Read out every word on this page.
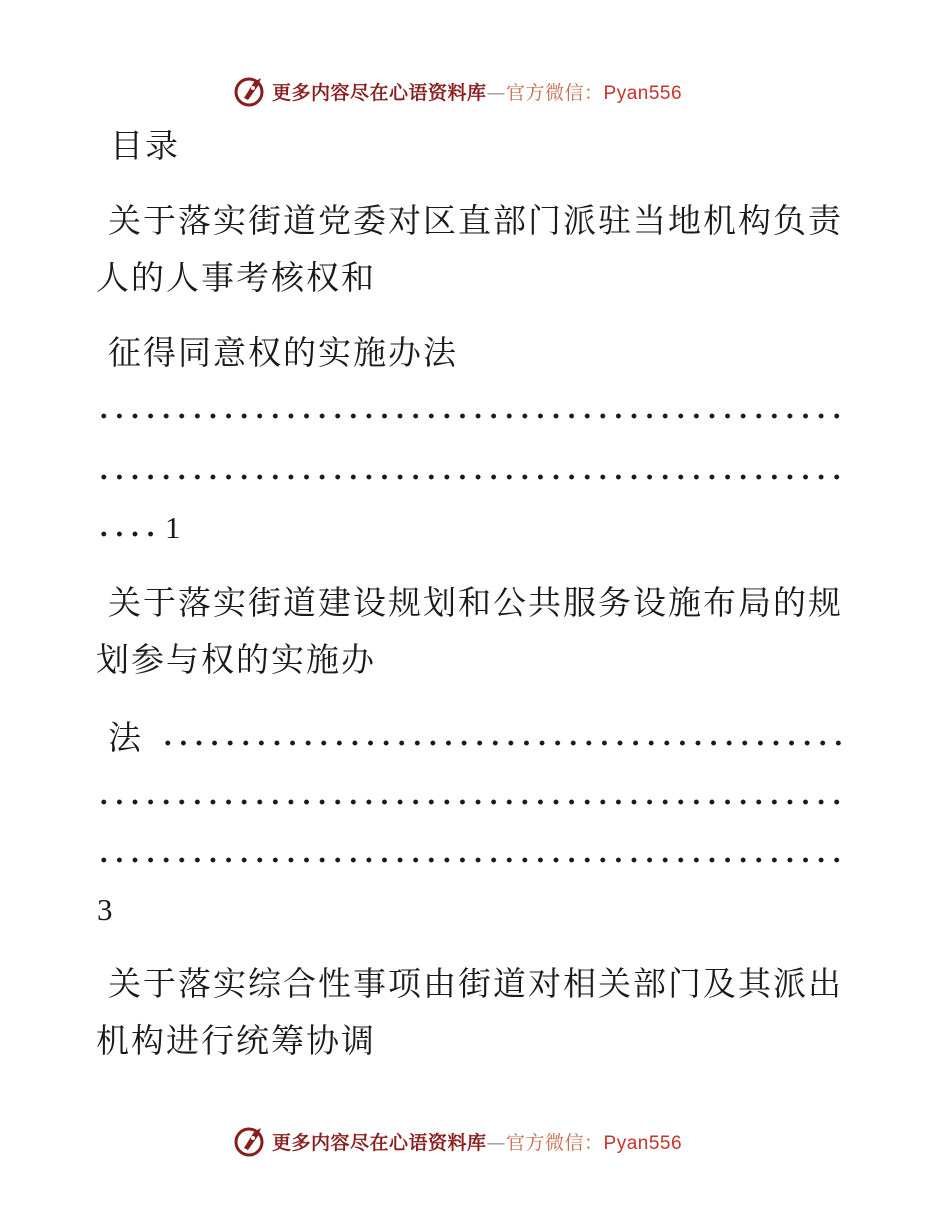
更多内容尽在心语资料库—官方微信：Pyan556
目录
关于落实街道党委对区直部门派驻当地机构负责
人的人事考核权和
征得同意权的实施办法
1
关于落实街道建设规划和公共服务设施布局的规
划参与权的实施办
法
3
关于落实综合性事项由街道对相关部门及其派出
机构进行统筹协调
更多内容尽在心语资料库—官方微信：Pyan556
